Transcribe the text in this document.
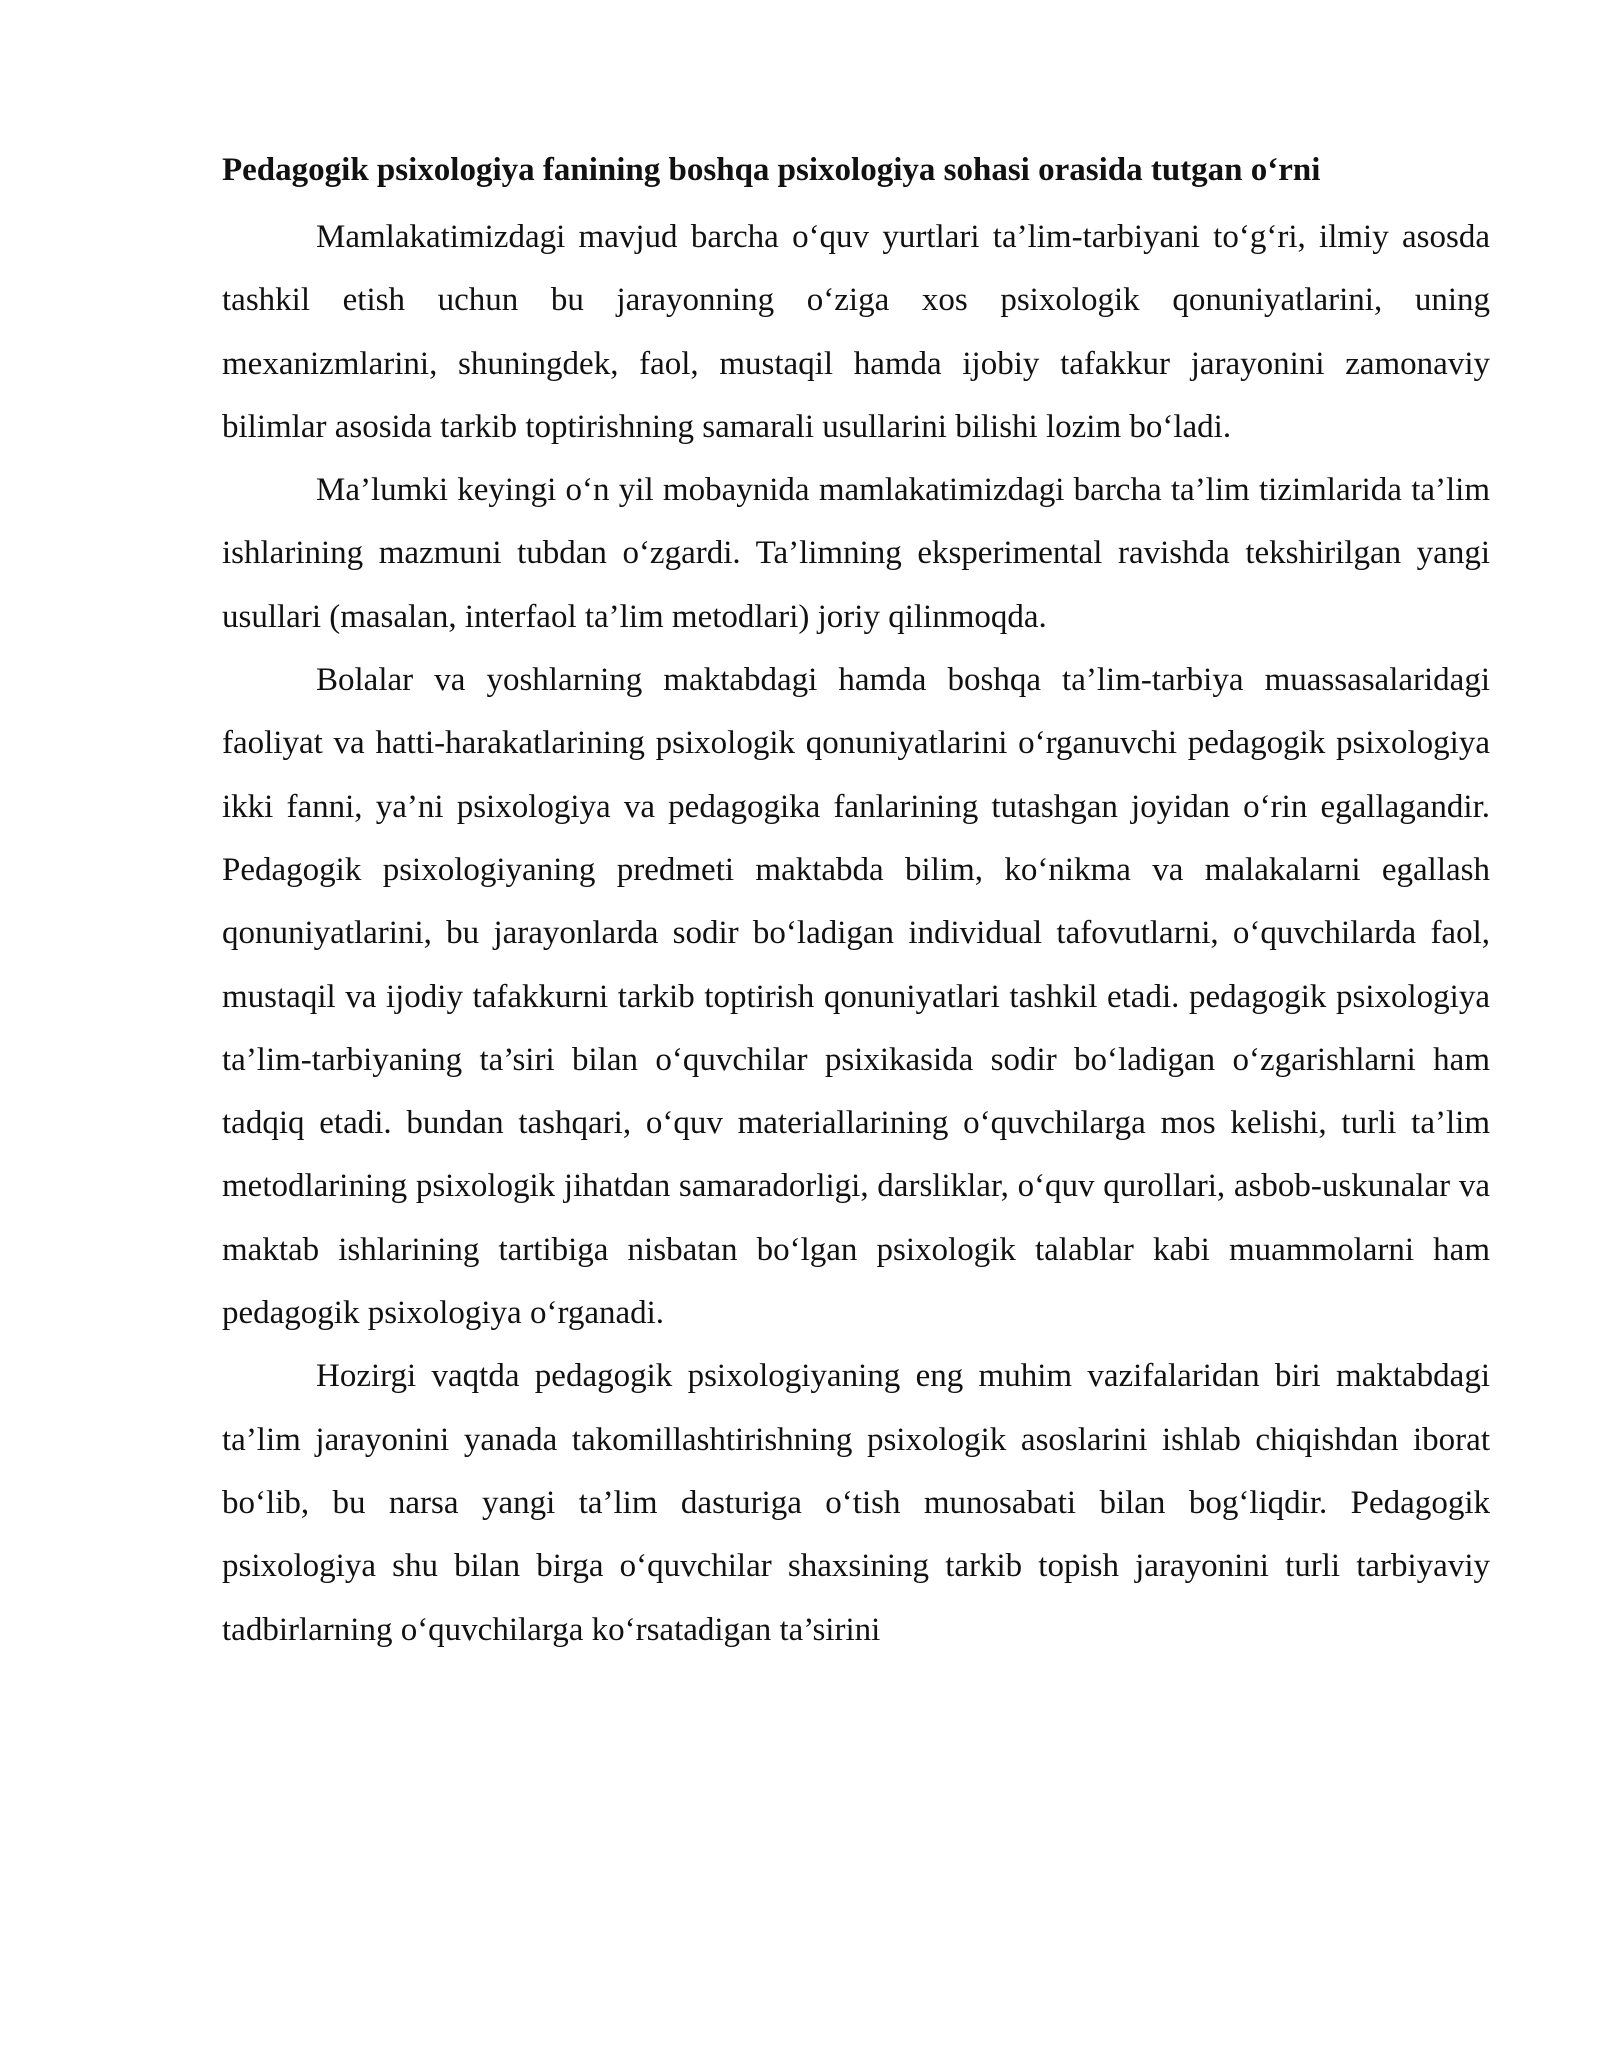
Pedagogik psixologiya fanining boshqa psixologiya sohasi orasida tutgan o‘rni

Mamlakatimizdagi mavjud barcha o‘quv yurtlari ta’lim-tarbiyani to‘g‘ri, ilmiy asosda tashkil etish uchun bu jarayonning o‘ziga xos psixologik qonuniyatlarini, uning mexanizmlarini, shuningdek, faol, mustaqil hamda ijobiy tafakkur jarayonini zamonaviy bilimlar asosida tarkib toptirishning samarali usullarini bilishi lozim bo‘ladi.

Ma’lumki keyingi o‘n yil mobaynida mamlakatimizdagi barcha ta’lim tizimlarida ta’lim ishlarining mazmuni tubdan o‘zgardi. Ta’limning eksperimental ravishda tekshirilgan yangi usullari (masalan, interfaol ta’lim metodlari) joriy qilinmoqda.

Bolalar va yoshlarning maktabdagi hamda boshqa ta’lim-tarbiya muassasalaridagi faoliyat va hatti-harakatlarining psixologik qonuniyatlarini o‘rganuvchi pedagogik psixologiya ikki fanni, ya’ni psixologiya va pedagogika fanlarining tutashgan joyidan o‘rin egallagandir. Pedagogik psixologiyaning predmeti maktabda bilim, ko‘nikma va malakalarni egallash qonuniyatlarini, bu jarayonlarda sodir bo‘ladigan individual tafovutlarni, o‘quvchilarda faol, mustaqil va ijodiy tafakkurni tarkib toptirish qonuniyatlari tashkil etadi. pedagogik psixologiya ta’lim-tarbiyaning ta’siri bilan o‘quvchilar psixikasida sodir bo‘ladigan o‘zgarishlarni ham tadqiq etadi. bundan tashqari, o‘quv materiallarining o‘quvchilarga mos kelishi, turli ta’lim metodlarining psixologik jihatdan samaradorligi, darsliklar, o‘quv qurollari, asbob-uskunalar va maktab ishlarining tartibiga nisbatan bo‘lgan psixologik talablar kabi muammolarni ham pedagogik psixologiya o‘rganadi.

Hozirgi vaqtda pedagogik psixologiyaning eng muhim vazifalaridan biri maktabdagi ta’lim jarayonini yanada takomillashtirishning psixologik asoslarini ishlab chiqishdan iborat bo‘lib, bu narsa yangi ta’lim dasturiga o‘tish munosabati bilan bog‘liqdir. Pedagogik psixologiya shu bilan birga o‘quvchilar shaxsining tarkib topish jarayonini turli tarbiyaviy tadbirlarning o‘quvchilarga ko‘rsatadigan ta’sirini
